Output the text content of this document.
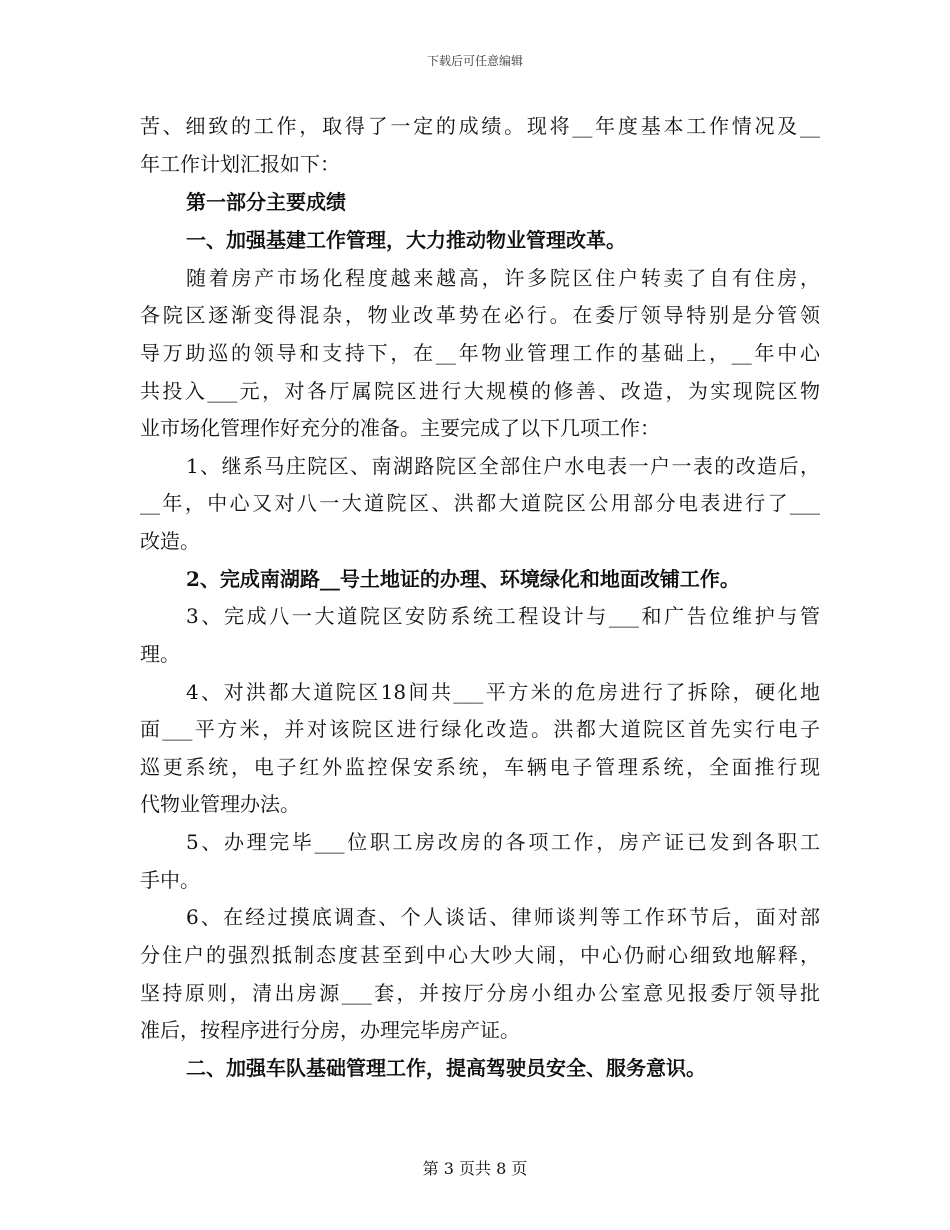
下载后可任意编辑
苦、细致的工作，取得了一定的成绩。现将__年度基本工作情况及__
年工作计划汇报如下：
第一部分主要成绩
一、加强基建工作管理，大力推动物业管理改革。
随着房产市场化程度越来越高，许多院区住户转卖了自有住房，
各院区逐渐变得混杂，物业改革势在必行。在委厅领导特别是分管领
导万助巡的领导和支持下，在__年物业管理工作的基础上，__年中心
共投入___元，对各厅属院区进行大规模的修善、改造，为实现院区物
业市场化管理作好充分的准备。主要完成了以下几项工作：
1、继系马庄院区、南湖路院区全部住户水电表一户一表的改造后，
__年，中心又对八一大道院区、洪都大道院区公用部分电表进行了___
改造。
2、完成南湖路__号土地证的办理、环境绿化和地面改铺工作。
3、完成八一大道院区安防系统工程设计与___和广告位维护与管
理。
4、对洪都大道院区18间共___平方米的危房进行了拆除，硬化地
面___平方米，并对该院区进行绿化改造。洪都大道院区首先实行电子
巡更系统，电子红外监控保安系统，车辆电子管理系统，全面推行现
代物业管理办法。
5、办理完毕___位职工房改房的各项工作，房产证已发到各职工
手中。
6、在经过摸底调查、个人谈话、律师谈判等工作环节后，面对部
分住户的强烈抵制态度甚至到中心大吵大闹，中心仍耐心细致地解释，
坚持原则，清出房源___套，并按厅分房小组办公室意见报委厅领导批
准后，按程序进行分房，办理完毕房产证。
二、加强车队基础管理工作，提高驾驶员安全、服务意识。
第 3 页共 8 页
